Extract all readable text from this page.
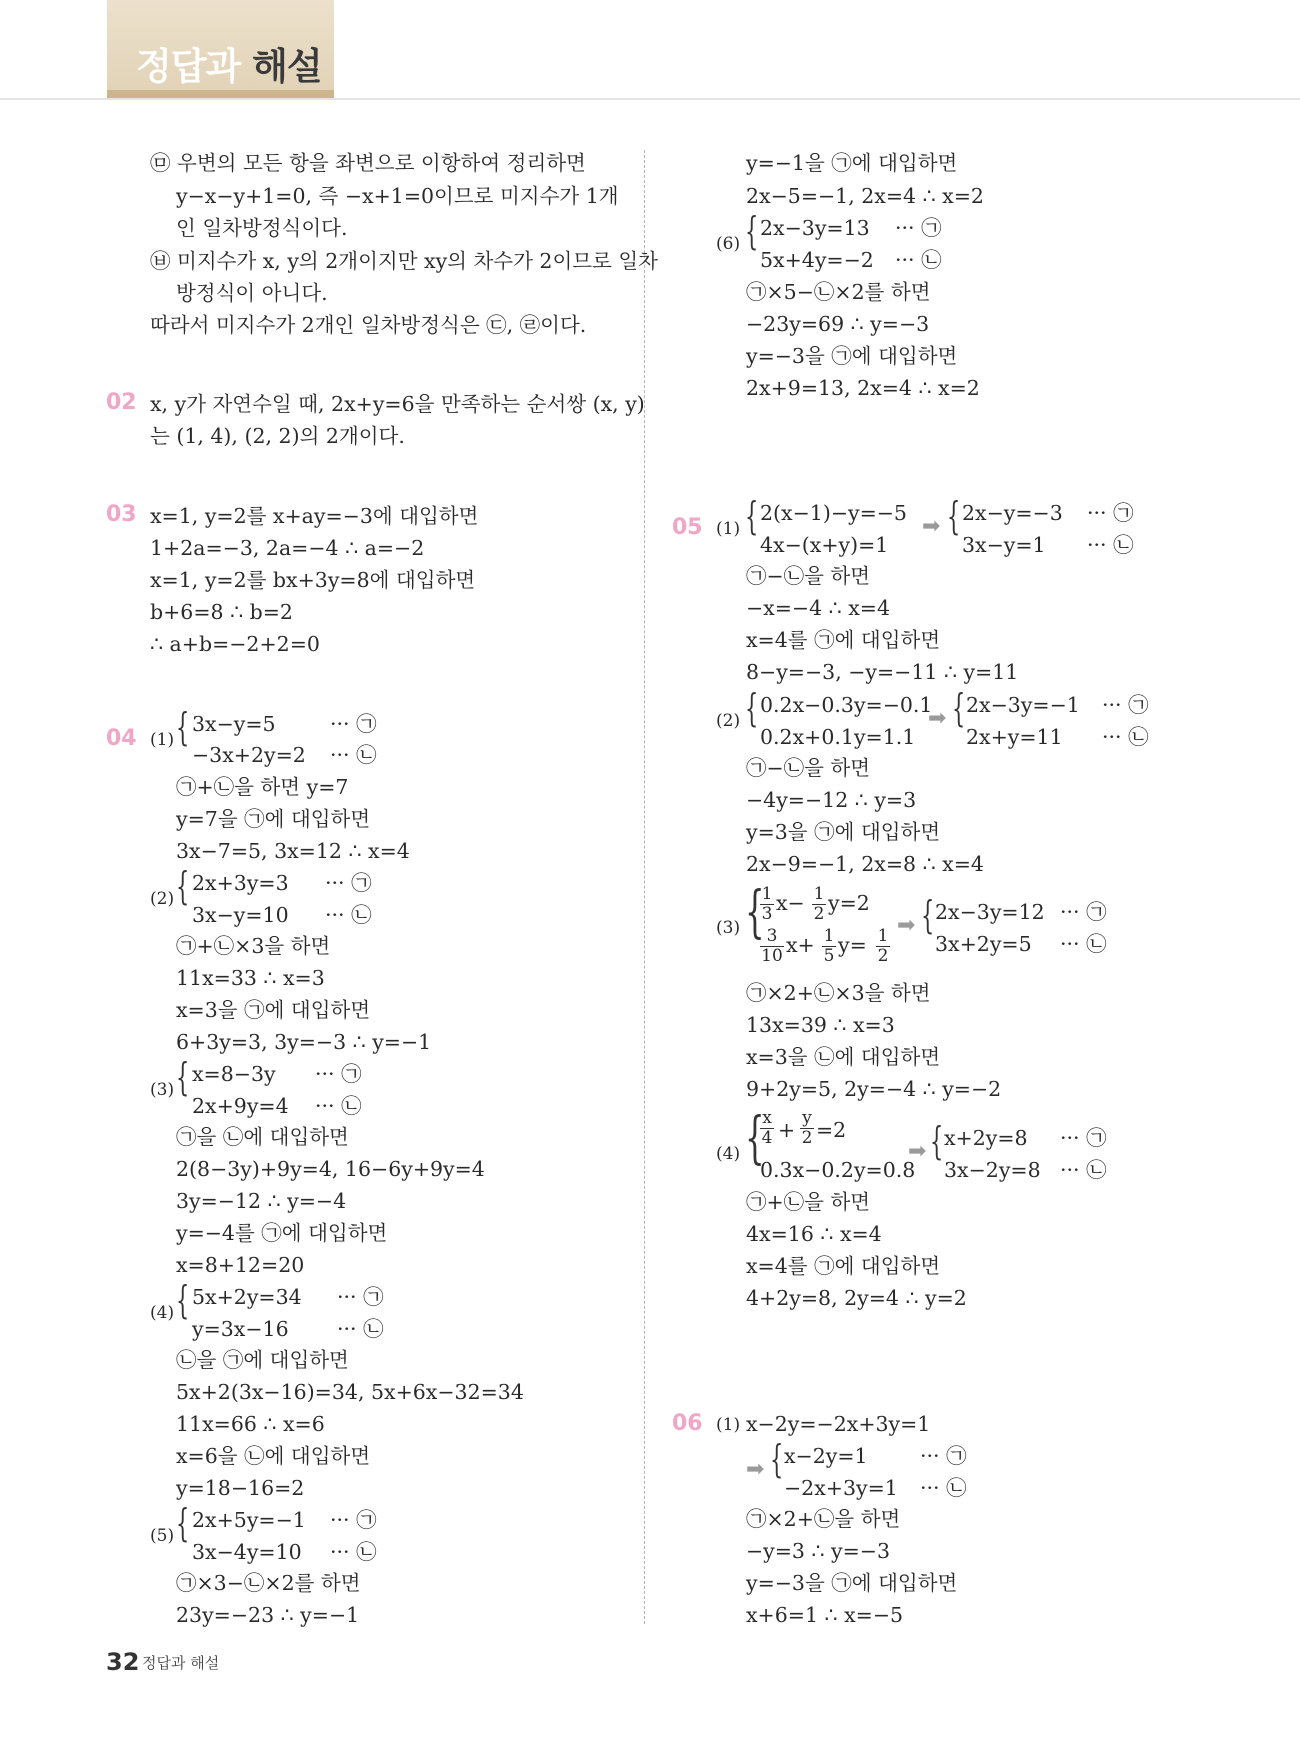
정답과 해설
㉤ 우변의 모든 항을 좌변으로 이항하여 정리하면
y−x−y+1=0, 즉 −x+1=0이므로 미지수가 1개
인 일차방정식이다.
㉥ 미지수가 x, y의 2개이지만 xy의 차수가 2이므로 일차
방정식이 아니다.
따라서 미지수가 2개인 일차방정식은 ㉢, ㉣이다.
02 x, y가 자연수일 때, 2x+y=6을 만족하는 순서쌍 (x, y)
는 (1, 4), (2, 2)의 2개이다.
03 x=1, y=2를 x+ay=−3에 대입하면
1+2a=−3, 2a=−4 ∴ a=−2
x=1, y=2를 bx+3y=8에 대입하면
b+6=8 ∴ b=2
∴ a+b=−2+2=0
04 (1) { 3x−y=5
−3x+2y=2
··· ㉠
··· ㉡
㉠+㉡을 하면 y=7
y=7을 ㉠에 대입하면
3x−7=5, 3x=12 ∴ x=4
(2) { 2x+3y=3
3x−y=10
··· ㉠
··· ㉡
㉠+㉡×3을 하면
11x=33 ∴ x=3
x=3을 ㉠에 대입하면
6+3y=3, 3y=−3 ∴ y=−1
(3) { x=8−3y
2x+9y=4
··· ㉠
··· ㉡
㉠을 ㉡에 대입하면
2(8−3y)+9y=4, 16−6y+9y=4
3y=−12 ∴ y=−4
y=−4를 ㉠에 대입하면
x=8+12=20
(4) { 5x+2y=34
y=3x−16
··· ㉠
··· ㉡
㉡을 ㉠에 대입하면
5x+2(3x−16)=34, 5x+6x−32=34
11x=66 ∴ x=6
x=6을 ㉡에 대입하면
y=18−16=2
(5) { 2x+5y=−1
3x−4y=10
··· ㉠
··· ㉡
㉠×3−㉡×2를 하면
23y=−23 ∴ y=−1
y=−1을 ㉠에 대입하면
2x−5=−1, 2x=4 ∴ x=2
(6) { 2x−3y=13
5x+4y=−2
··· ㉠
··· ㉡
㉠×5−㉡×2를 하면
−23y=69 ∴ y=−3
y=−3을 ㉠에 대입하면
2x+9=13, 2x=4 ∴ x=2
05 (1) { 2(x−1)−y=−5
4x−(x+y)=1
➡ { 2x−y=−3
3x−y=1
··· ㉠
··· ㉡
㉠−㉡을 하면
−x=−4 ∴ x=4
x=4를 ㉠에 대입하면
8−y=−3, −y=−11 ∴ y=11
(2) { 0.2x−0.3y=−0.1
0.2x+0.1y=1.1
➡ { 2x−3y=−1
2x+y=11
··· ㉠
··· ㉡
㉠−㉡을 하면
−4y=−12 ∴ y=3
y=3을 ㉠에 대입하면
2x−9=−1, 2x=8 ∴ x=4
(3) {
1
3 x− 1
2 y=2
3
10 x+ 1
5 y= 1
2
➡ { 2x−3y=12
3x+2y=5
··· ㉠
··· ㉡
㉠×2+㉡×3을 하면
13x=39 ∴ x=3
x=3을 ㉡에 대입하면
9+2y=5, 2y=−4 ∴ y=−2
(4) {
x
4 + y
2 =2
0.3x−0.2y=0.8
➡ { x+2y=8
3x−2y=8
··· ㉠
··· ㉡
㉠+㉡을 하면
4x=16 ∴ x=4
x=4를 ㉠에 대입하면
4+2y=8, 2y=4 ∴ y=2
06 (1) x−2y=−2x+3y=1
➡ { x−2y=1
−2x+3y=1
··· ㉠
··· ㉡
㉠×2+㉡을 하면
−y=3 ∴ y=−3
y=−3을 ㉠에 대입하면
x+6=1 ∴ x=−5
32 정답과 해설
